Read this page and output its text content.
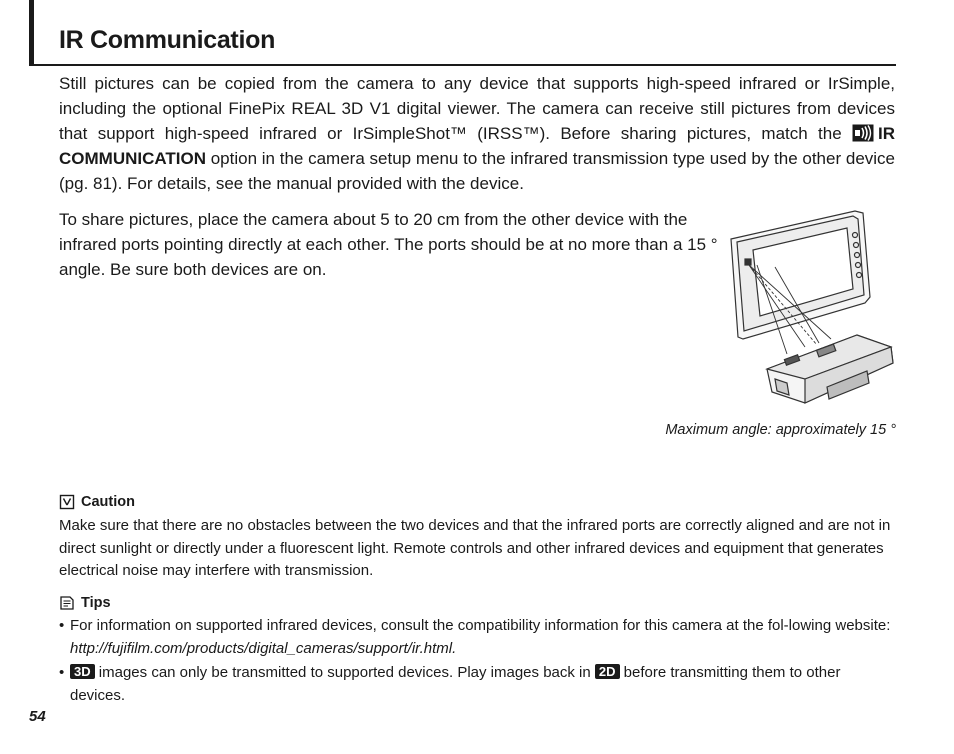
IR Communication

Still pictures can be copied from the camera to any device that supports high-speed infrared or IrSimple, including the optional FinePix REAL 3D V1 digital viewer. The camera can receive still pictures from devices that support high-speed infrared or IrSimpleShot™ (IRSS™). Before sharing pictures, match the
IR COMMUNICATION option in the camera setup menu to the infrared transmission type used by the other device (pg. 81). For details, see the manual provided with the device.

To share pictures, place the camera about 5 to 20 cm from the other device with the infrared ports pointing directly at each other. The ports should be at no more than a 15 ° angle. Be sure both devices are on.

Maximum angle: approximately 15 °

Caution

Make sure that there are no obstacles between the two devices and that the infrared ports are correctly aligned and are not in direct sunlight or directly under a fluorescent light. Remote controls and other infrared devices and equipment that generates electrical noise may interfere with transmission.

Tips
• For information on supported infrared devices, consult the compatibility information for this camera at the fol-lowing website: http://fujifilm.com/products/digital_cameras/support/ir.html.
• 3D images can only be transmitted to supported devices. Play images back in 2D before transmitting them to other devices.

54
